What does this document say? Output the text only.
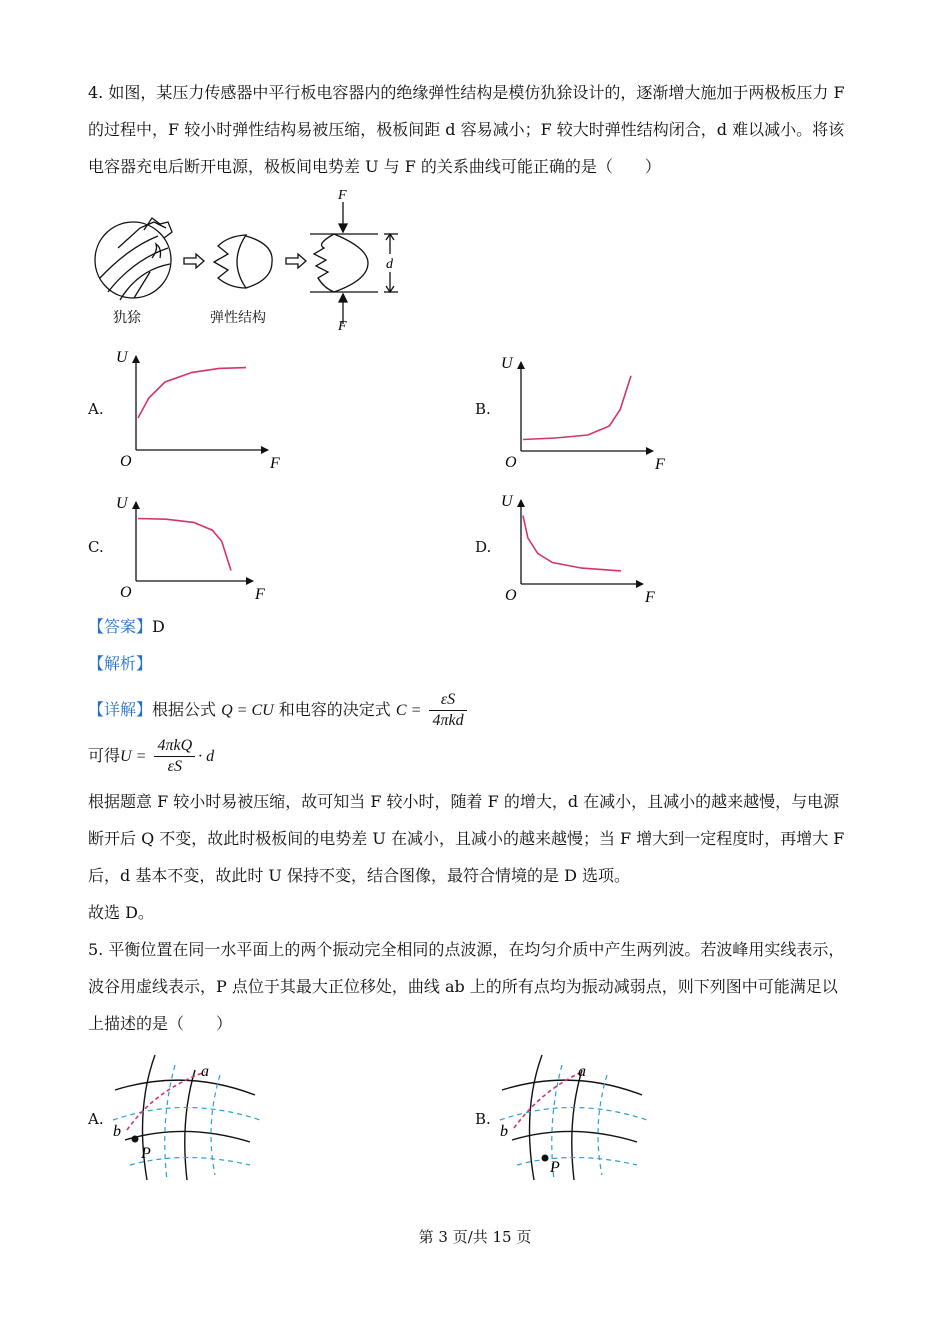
4. 如图，某压力传感器中平行板电容器内的绝缘弹性结构是模仿犰狳设计的，逐渐增大施加于两极板压力 F
的过程中，F 较小时弹性结构易被压缩，极板间距 d 容易减小；F 较大时弹性结构闭合，d 难以减小。将该
电容器充电后断开电源，极板间电势差 U 与 F 的关系曲线可能正确的是（　　）
F
F
d
犰狳	弹性结构
A.	B.
C.	D.
U
F
O
U
F
O
U
F
O
U
F
O
【答案】D
【解析】
【详解】根据公式 Q = CU 和电容的决定式 $C = \frac{\varepsilon S}{\text{4πkd}}$
可得$U = \frac{\text{4πkQ}}{\varepsilon S} \cdot d$
根据题意 F 较小时易被压缩，故可知当 F 较小时，随着 F 的增大，d 在减小，且减小的越来越慢，与电源
断开后 Q 不变，故此时极板间的电势差 U 在减小，且减小的越来越慢；当 F 增大到一定程度时，再增大 F
后，d 基本不变，故此时 U 保持不变，结合图像，最符合情境的是 D 选项。
故选 D。
5. 平衡位置在同一水平面上的两个振动完全相同的点波源，在均匀介质中产生两列波。若波峰用实线表示，
波谷用虚线表示，P 点位于其最大正位移处，曲线 ab 上的所有点均为振动减弱点，则下列图中可能满足以
上描述的是（　　）
A.	B.
a
b
P
a
b
P
第 3 页/共 15 页
